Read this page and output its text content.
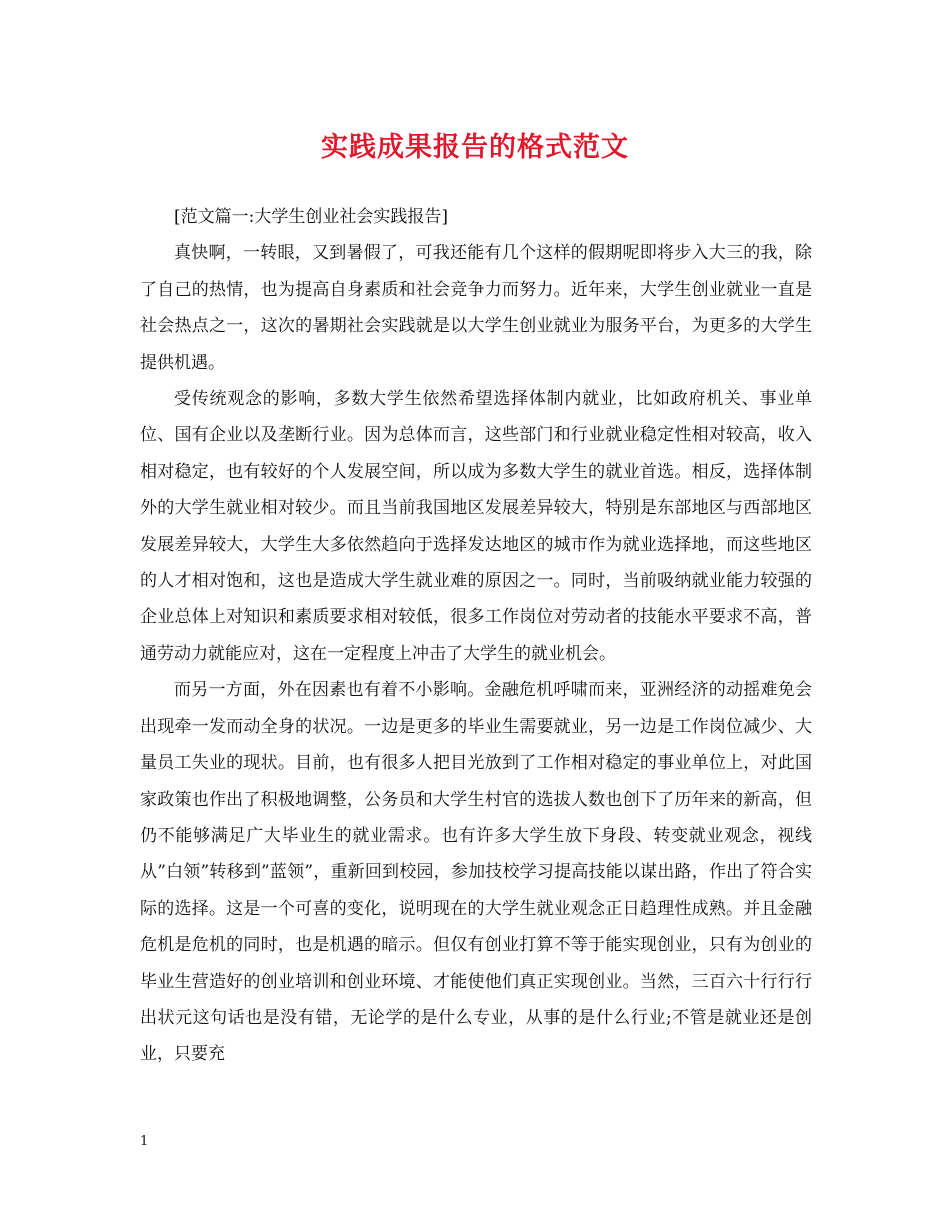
实践成果报告的格式范文

[范文篇一:大学生创业社会实践报告]

真快啊，一转眼，又到暑假了，可我还能有几个这样的假期呢即将步入大三的我，除了自己的热情，也为提高自身素质和社会竞争力而努力。近年来，大学生创业就业一直是社会热点之一，这次的暑期社会实践就是以大学生创业就业为服务平台，为更多的大学生提供机遇。

受传统观念的影响，多数大学生依然希望选择体制内就业，比如政府机关、事业单位、国有企业以及垄断行业。因为总体而言，这些部门和行业就业稳定性相对较高，收入相对稳定，也有较好的个人发展空间，所以成为多数大学生的就业首选。相反，选择体制外的大学生就业相对较少。而且当前我国地区发展差异较大，特别是东部地区与西部地区发展差异较大，大学生大多依然趋向于选择发达地区的城市作为就业选择地，而这些地区的人才相对饱和，这也是造成大学生就业难的原因之一。同时，当前吸纳就业能力较强的企业总体上对知识和素质要求相对较低，很多工作岗位对劳动者的技能水平要求不高，普通劳动力就能应对，这在一定程度上冲击了大学生的就业机会。

而另一方面，外在因素也有着不小影响。金融危机呼啸而来，亚洲经济的动摇难免会出现牵一发而动全身的状况。一边是更多的毕业生需要就业，另一边是工作岗位减少、大量员工失业的现状。目前，也有很多人把目光放到了工作相对稳定的事业单位上，对此国家政策也作出了积极地调整，公务员和大学生村官的选拔人数也创下了历年来的新高，但仍不能够满足广大毕业生的就业需求。也有许多大学生放下身段、转变就业观念，视线从”白领”转移到”蓝领”，重新回到校园，参加技校学习提高技能以谋出路，作出了符合实际的选择。这是一个可喜的变化，说明现在的大学生就业观念正日趋理性成熟。并且金融危机是危机的同时，也是机遇的暗示。但仅有创业打算不等于能实现创业，只有为创业的毕业生营造好的创业培训和创业环境、才能使他们真正实现创业。当然，三百六十行行行出状元这句话也是没有错，无论学的是什么专业，从事的是什么行业;不管是就业还是创业，只要充

1
